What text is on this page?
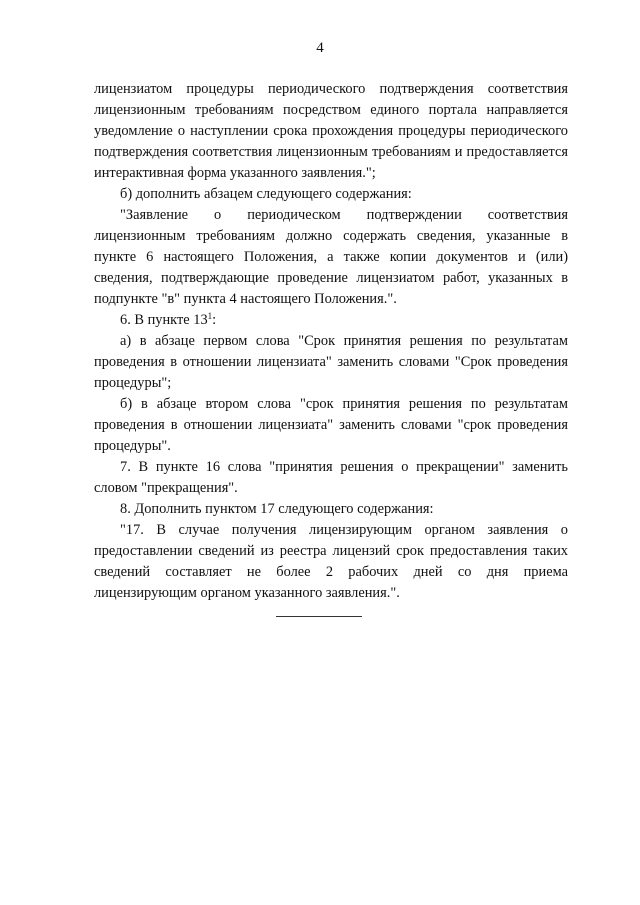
4

лицензиатом процедуры периодического подтверждения соответствия лицензионным требованиям посредством единого портала направляется уведомление о наступлении срока прохождения процедуры периодического подтверждения соответствия лицензионным требованиям и предоставляется интерактивная форма указанного заявления.";

б) дополнить абзацем следующего содержания:

"Заявление о периодическом подтверждении соответствия лицензионным требованиям должно содержать сведения, указанные в пункте 6 настоящего Положения, а также копии документов и (или) сведения, подтверждающие проведение лицензиатом работ, указанных в подпункте "в" пункта 4 настоящего Положения.".

6. В пункте $13^1$:

а) в абзаце первом слова "Срок принятия решения по результатам проведения в отношении лицензиата" заменить словами "Срок проведения процедуры";

б) в абзаце втором слова "срок принятия решения по результатам проведения в отношении лицензиата" заменить словами "срок проведения процедуры".

7. В пункте 16 слова "принятия решения о прекращении" заменить словом "прекращения".

8. Дополнить пунктом 17 следующего содержания:

"17. В случае получения лицензирующим органом заявления о предоставлении сведений из реестра лицензий срок предоставления таких сведений составляет не более 2 рабочих дней со дня приема лицензирующим органом указанного заявления.".
